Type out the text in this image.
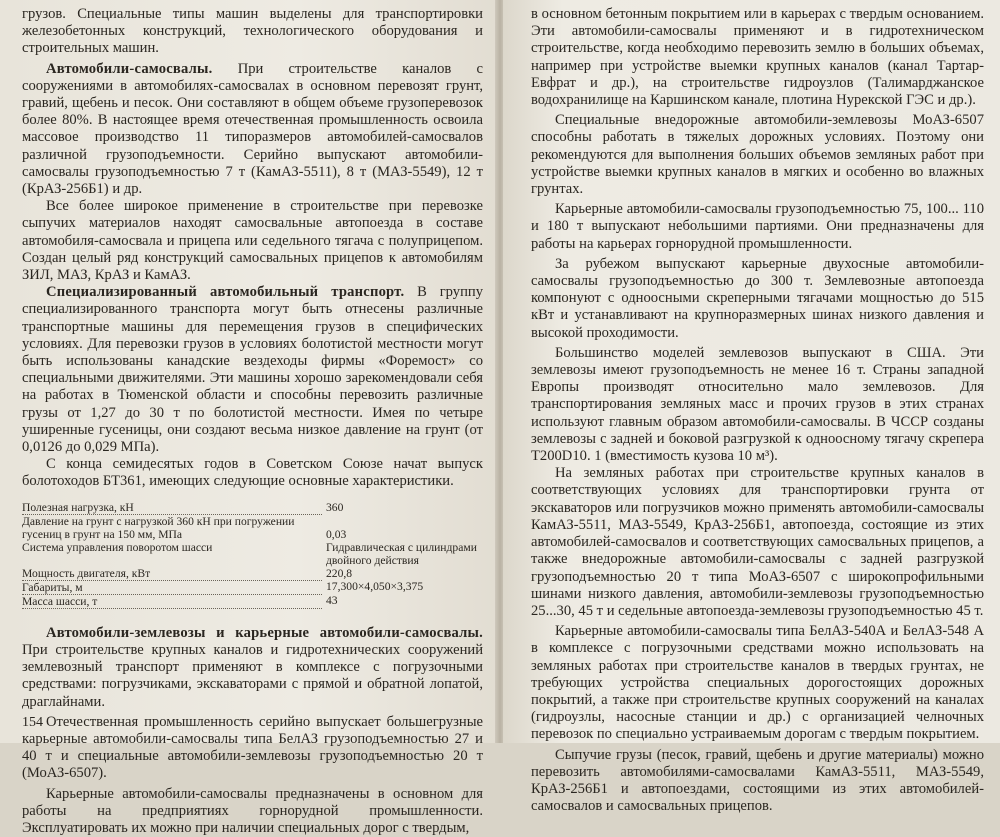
грузов. Специальные типы машин выделены для транспортировки железобетонных конструкций, технологического оборудования и строительных машин.

Автомобили-самосвалы. При строительстве каналов с сооружениями в автомобилях-самосвалах в основном перевозят грунт, гравий, щебень и песок. Они составляют в общем объеме грузоперевозок более 80%. В настоящее время отечественная промышленность освоила массовое производство 11 типоразмеров автомобилей-самосвалов различной грузоподъемности. Серийно выпускают автомобили-самосвалы грузоподъемностью 7 т (КамАЗ-5511), 8 т (МАЗ-5549), 12 т (КрАЗ-256Б1) и др.

Все более широкое применение в строительстве при перевозке сыпучих материалов находят самосвальные автопоезда в составе автомобиля-самосвала и прицепа или седельного тягача с полуприцепом. Создан целый ряд конструкций самосвальных прицепов к автомобилям ЗИЛ, МАЗ, КрАЗ и КамАЗ.

Специализированный автомобильный транспорт. В группу специализированного транспорта могут быть отнесены различные транспортные машины для перемещения грузов в специфических условиях. Для перевозки грузов в условиях болотистой местности могут быть использованы канадские вездеходы фирмы «Форемост» со специальными движителями. Эти машины хорошо зарекомендовали себя на работах в Тюменской области и способны перевозить различные грузы от 1,27 до 30 т по болотистой местности. Имея по четыре уширенные гусеницы, они создают весьма низкое давление на грунт (от 0,0126 до 0,029 МПа).

С конца семидесятых годов в Советском Союзе начат выпуск болотоходов БТ361, имеющих следующие основные характеристики.

Полезная нагрузка, кН	360
Давление на грунт с нагрузкой 360 кН при погружении гусениц в грунт на 150 мм, МПа	0,03
Система управления поворотом шасси	Гидравлическая с цилиндрами двойного действия
Мощность двигателя, кВт	220,8
Габариты, м	17,300×4,050×3,375
Масса шасси, т	43

Автомобили-землевозы и карьерные автомобили-самосвалы. При строительстве крупных каналов и гидротехнических сооружений землевозный транспорт применяют в комплексе с погрузочными средствами: погрузчиками, экскаваторами с прямой и обратной лопатой, драглайнами.

Отечественная промышленность серийно выпускает большегрузные карьерные автомобили-самосвалы типа БелАЗ грузоподъемностью 27 и 40 т и специальные автомобили-землевозы грузоподъемностью 20 т (МоАЗ-6507).

Карьерные автомобили-самосвалы предназначены в основном для работы на предприятиях горнорудной промышленности. Эксплуатировать их можно при наличии специальных дорог с твердым,

154

в основном бетонным покрытием или в карьерах с твердым основанием. Эти автомобили-самосвалы применяют и в гидротехническом строительстве, когда необходимо перевозить землю в больших объемах, например при устройстве выемки крупных каналов (канал Тартар-Евфрат и др.), на строительстве гидроузлов (Талимарджанское водохранилище на Каршинском канале, плотина Нурекской ГЭС и др.).

Специальные внедорожные автомобили-землевозы МоАЗ-6507 способны работать в тяжелых дорожных условиях. Поэтому они рекомендуются для выполнения больших объемов земляных работ при устройстве выемки крупных каналов в мягких и особенно во влажных грунтах.

Карьерные автомобили-самосвалы грузоподъемностью 75, 100... 110 и 180 т выпускают небольшими партиями. Они предназначены для работы на карьерах горнорудной промышленности.

За рубежом выпускают карьерные двухосные автомобили-самосвалы грузоподъемностью до 300 т. Землевозные автопоезда компонуют с одноосными скреперными тягачами мощностью до 515 кВт и устанавливают на крупноразмерных шинах низкого давления и высокой проходимости.

Большинство моделей землевозов выпускают в США. Эти землевозы имеют грузоподъемность не менее 16 т. Страны западной Европы производят относительно мало землевозов. Для транспортирования земляных масс и прочих грузов в этих странах используют главным образом автомобили-самосвалы. В ЧССР созданы землевозы с задней и боковой разгрузкой к одноосному тягачу скрепера Т200D10. 1 (вместимость кузова 10 м³).

На земляных работах при строительстве крупных каналов в соответствующих условиях для транспортировки грунта от экскаваторов или погрузчиков можно применять автомобили-самосвалы КамАЗ-5511, МАЗ-5549, КрАЗ-256Б1, автопоезда, состоящие из этих автомобилей-самосвалов и соответствующих самосвальных прицепов, а также внедорожные автомобили-самосвалы с задней разгрузкой грузоподъемностью 20 т типа МоАЗ-6507 с широкопрофильными шинами низкого давления, автомобили-землевозы грузоподъемностью 25...30, 45 т и седельные автопоезда-землевозы грузоподъемностью 45 т.

Карьерные автомобили-самосвалы типа БелАЗ-540А и БелАЗ-548 А в комплексе с погрузочными средствами можно использовать на земляных работах при строительстве каналов в твердых грунтах, не требующих устройства специальных дорогостоящих дорожных покрытий, а также при строительстве крупных сооружений на каналах (гидроузлы, насосные станции и др.) с организацией челночных перевозок по специально устраиваемым дорогам с твердым покрытием.

Сыпучие грузы (песок, гравий, щебень и другие материалы) можно перевозить автомобилями-самосвалами КамАЗ-5511, МАЗ-5549, КрАЗ-256Б1 и автопоездами, состоящими из этих автомобилей-самосвалов и самосвальных прицепов.
